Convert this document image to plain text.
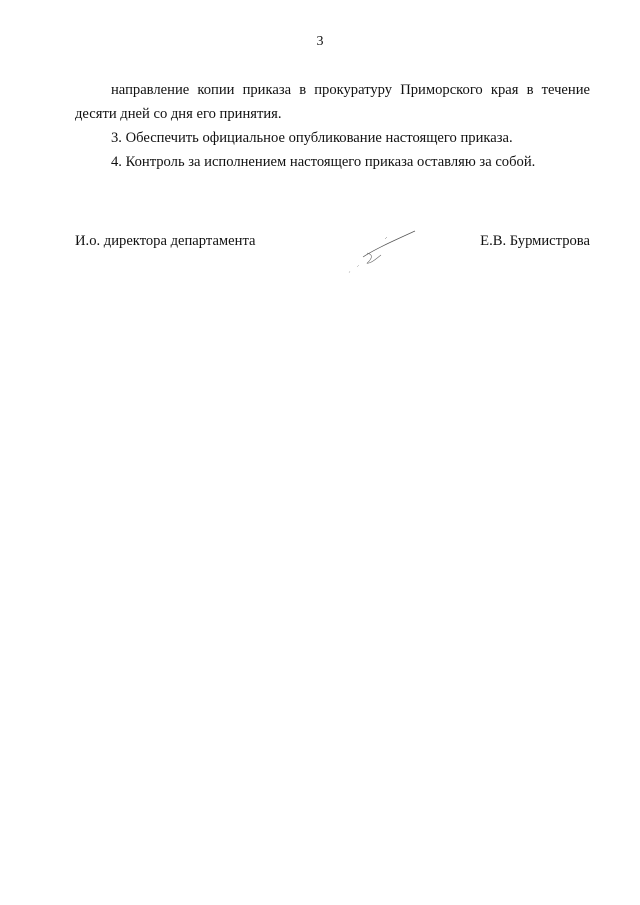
3

направление копии приказа в прокуратуру Приморского края в течение десяти дней со дня его принятия.

3. Обеспечить официальное опубликование настоящего приказа.

4. Контроль за исполнением настоящего приказа оставляю за собой.

И.о. директора департамента	Е.В. Бурмистрова
